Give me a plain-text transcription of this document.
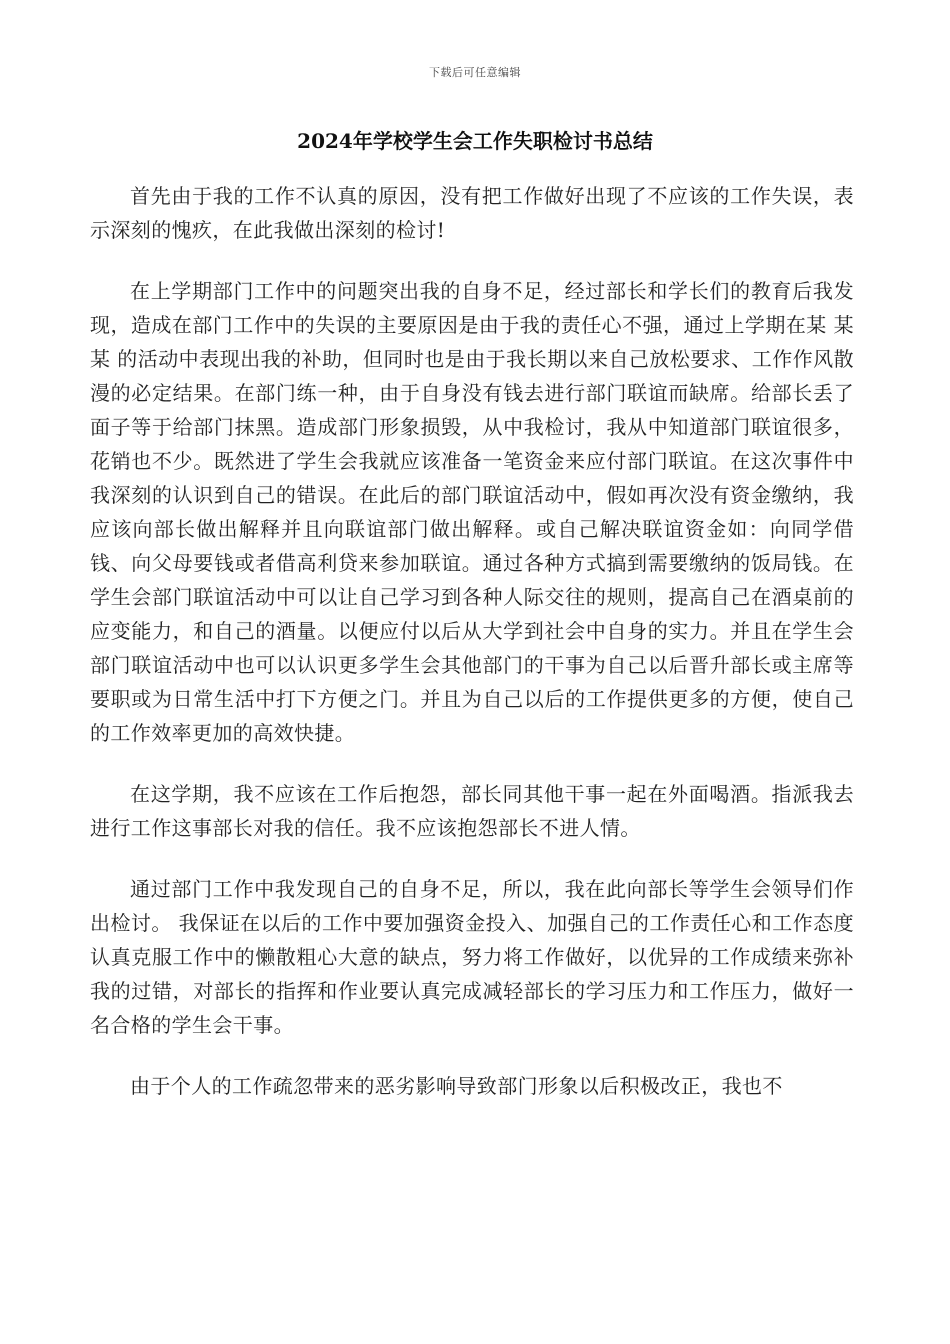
下载后可任意编辑
2024年学校学生会工作失职检讨书总结

首先由于我的工作不认真的原因，没有把工作做好出现了不应该的工作失误，表示深刻的愧疚，在此我做出深刻的检讨!

在上学期部门工作中的问题突出我的自身不足，经过部长和学长们的教育后我发现，造成在部门工作中的失误的主要原因是由于我的责任心不强，通过上学期在某 某 某 的活动中表现出我的补助，但同时也是由于我长期以来自己放松要求、工作作风散漫的必定结果。在部门练一种，由于自身没有钱去进行部门联谊而缺席。给部长丢了面子等于给部门抹黑。造成部门形象损毁，从中我检讨，我从中知道部门联谊很多，花销也不少。既然进了学生会我就应该准备一笔资金来应付部门联谊。在这次事件中我深刻的认识到自己的错误。在此后的部门联谊活动中，假如再次没有资金缴纳，我应该向部长做出解释并且向联谊部门做出解释。或自己解决联谊资金如：向同学借钱、向父母要钱或者借高利贷来参加联谊。通过各种方式搞到需要缴纳的饭局钱。在学生会部门联谊活动中可以让自己学习到各种人际交往的规则，提高自己在酒桌前的应变能力，和自己的酒量。以便应付以后从大学到社会中自身的实力。并且在学生会部门联谊活动中也可以认识更多学生会其他部门的干事为自己以后晋升部长或主席等要职或为日常生活中打下方便之门。并且为自己以后的工作提供更多的方便，使自己的工作效率更加的高效快捷。

在这学期，我不应该在工作后抱怨，部长同其他干事一起在外面喝酒。指派我去进行工作这事部长对我的信任。我不应该抱怨部长不进人情。

通过部门工作中我发现自己的自身不足，所以，我在此向部长等学生会领导们作出检讨。 我保证在以后的工作中要加强资金投入、加强自己的工作责任心和工作态度认真克服工作中的懒散粗心大意的缺点，努力将工作做好，以优异的工作成绩来弥补我的过错，对部长的指挥和作业要认真完成减轻部长的学习压力和工作压力，做好一名合格的学生会干事。

由于个人的工作疏忽带来的恶劣影响导致部门形象以后积极改正，我也不
